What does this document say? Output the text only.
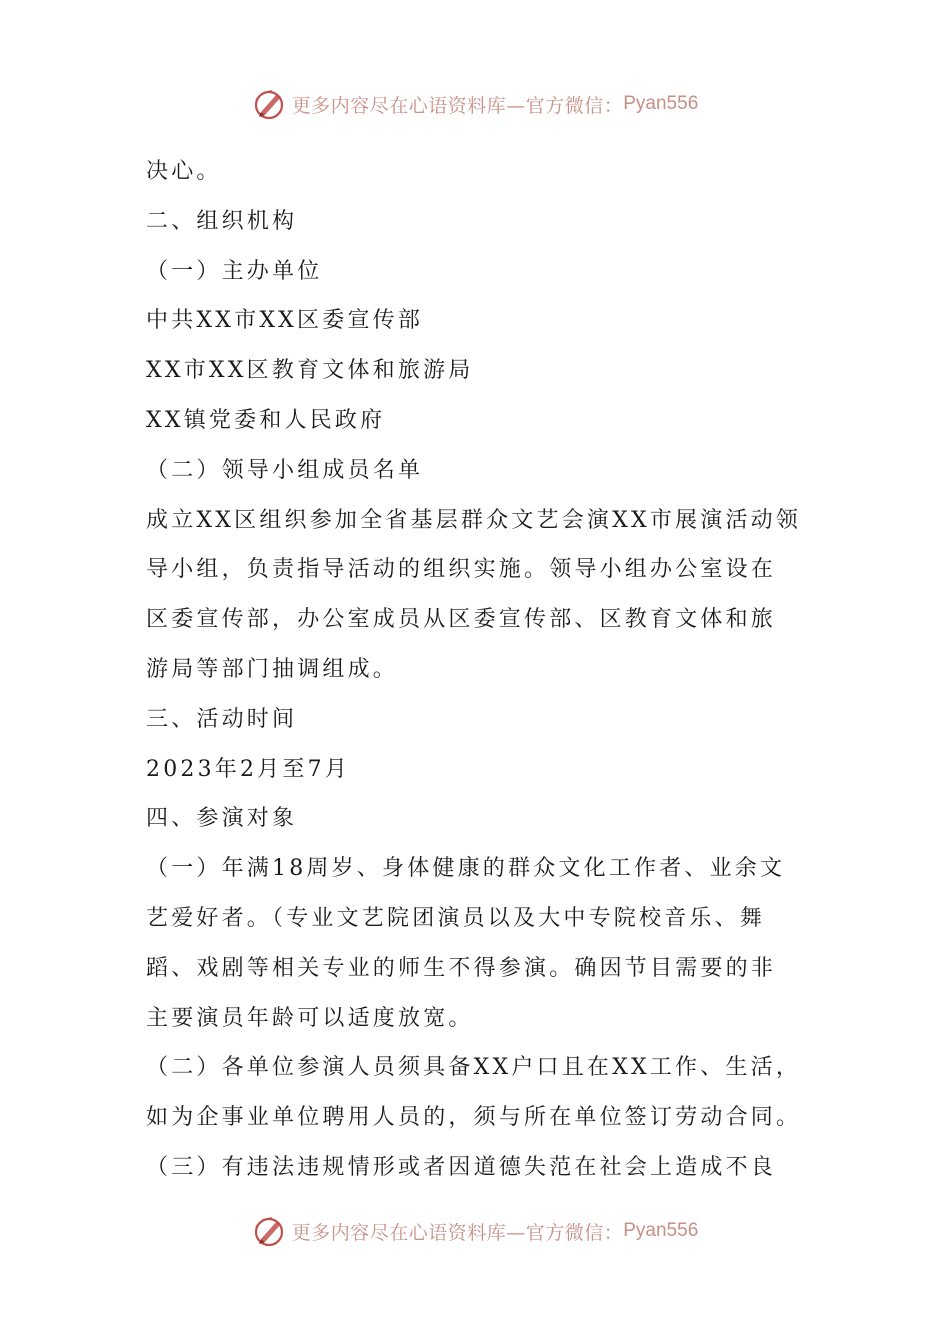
更多内容尽在心语资料库—官方微信： Pyan556
决心。
二、组织机构
（一）主办单位
中共XX市XX区委宣传部
XX市XX区教育文体和旅游局
XX镇党委和人民政府
（二）领导小组成员名单
成立XX区组织参加全省基层群众文艺会演XX市展演活动领
导小组，负责指导活动的组织实施。领导小组办公室设在
区委宣传部，办公室成员从区委宣传部、区教育文体和旅
游局等部门抽调组成。
三、活动时间
2023年2月至7月
四、参演对象
（一）年满18周岁、身体健康的群众文化工作者、业余文
艺爱好者。（专业文艺院团演员以及大中专院校音乐、舞
蹈、戏剧等相关专业的师生不得参演。确因节目需要的非
主要演员年龄可以适度放宽。
（二）各单位参演人员须具备XX户口且在XX工作、生活，
如为企事业单位聘用人员的，须与所在单位签订劳动合同。
（三）有违法违规情形或者因道德失范在社会上造成不良
更多内容尽在心语资料库—官方微信： Pyan556
